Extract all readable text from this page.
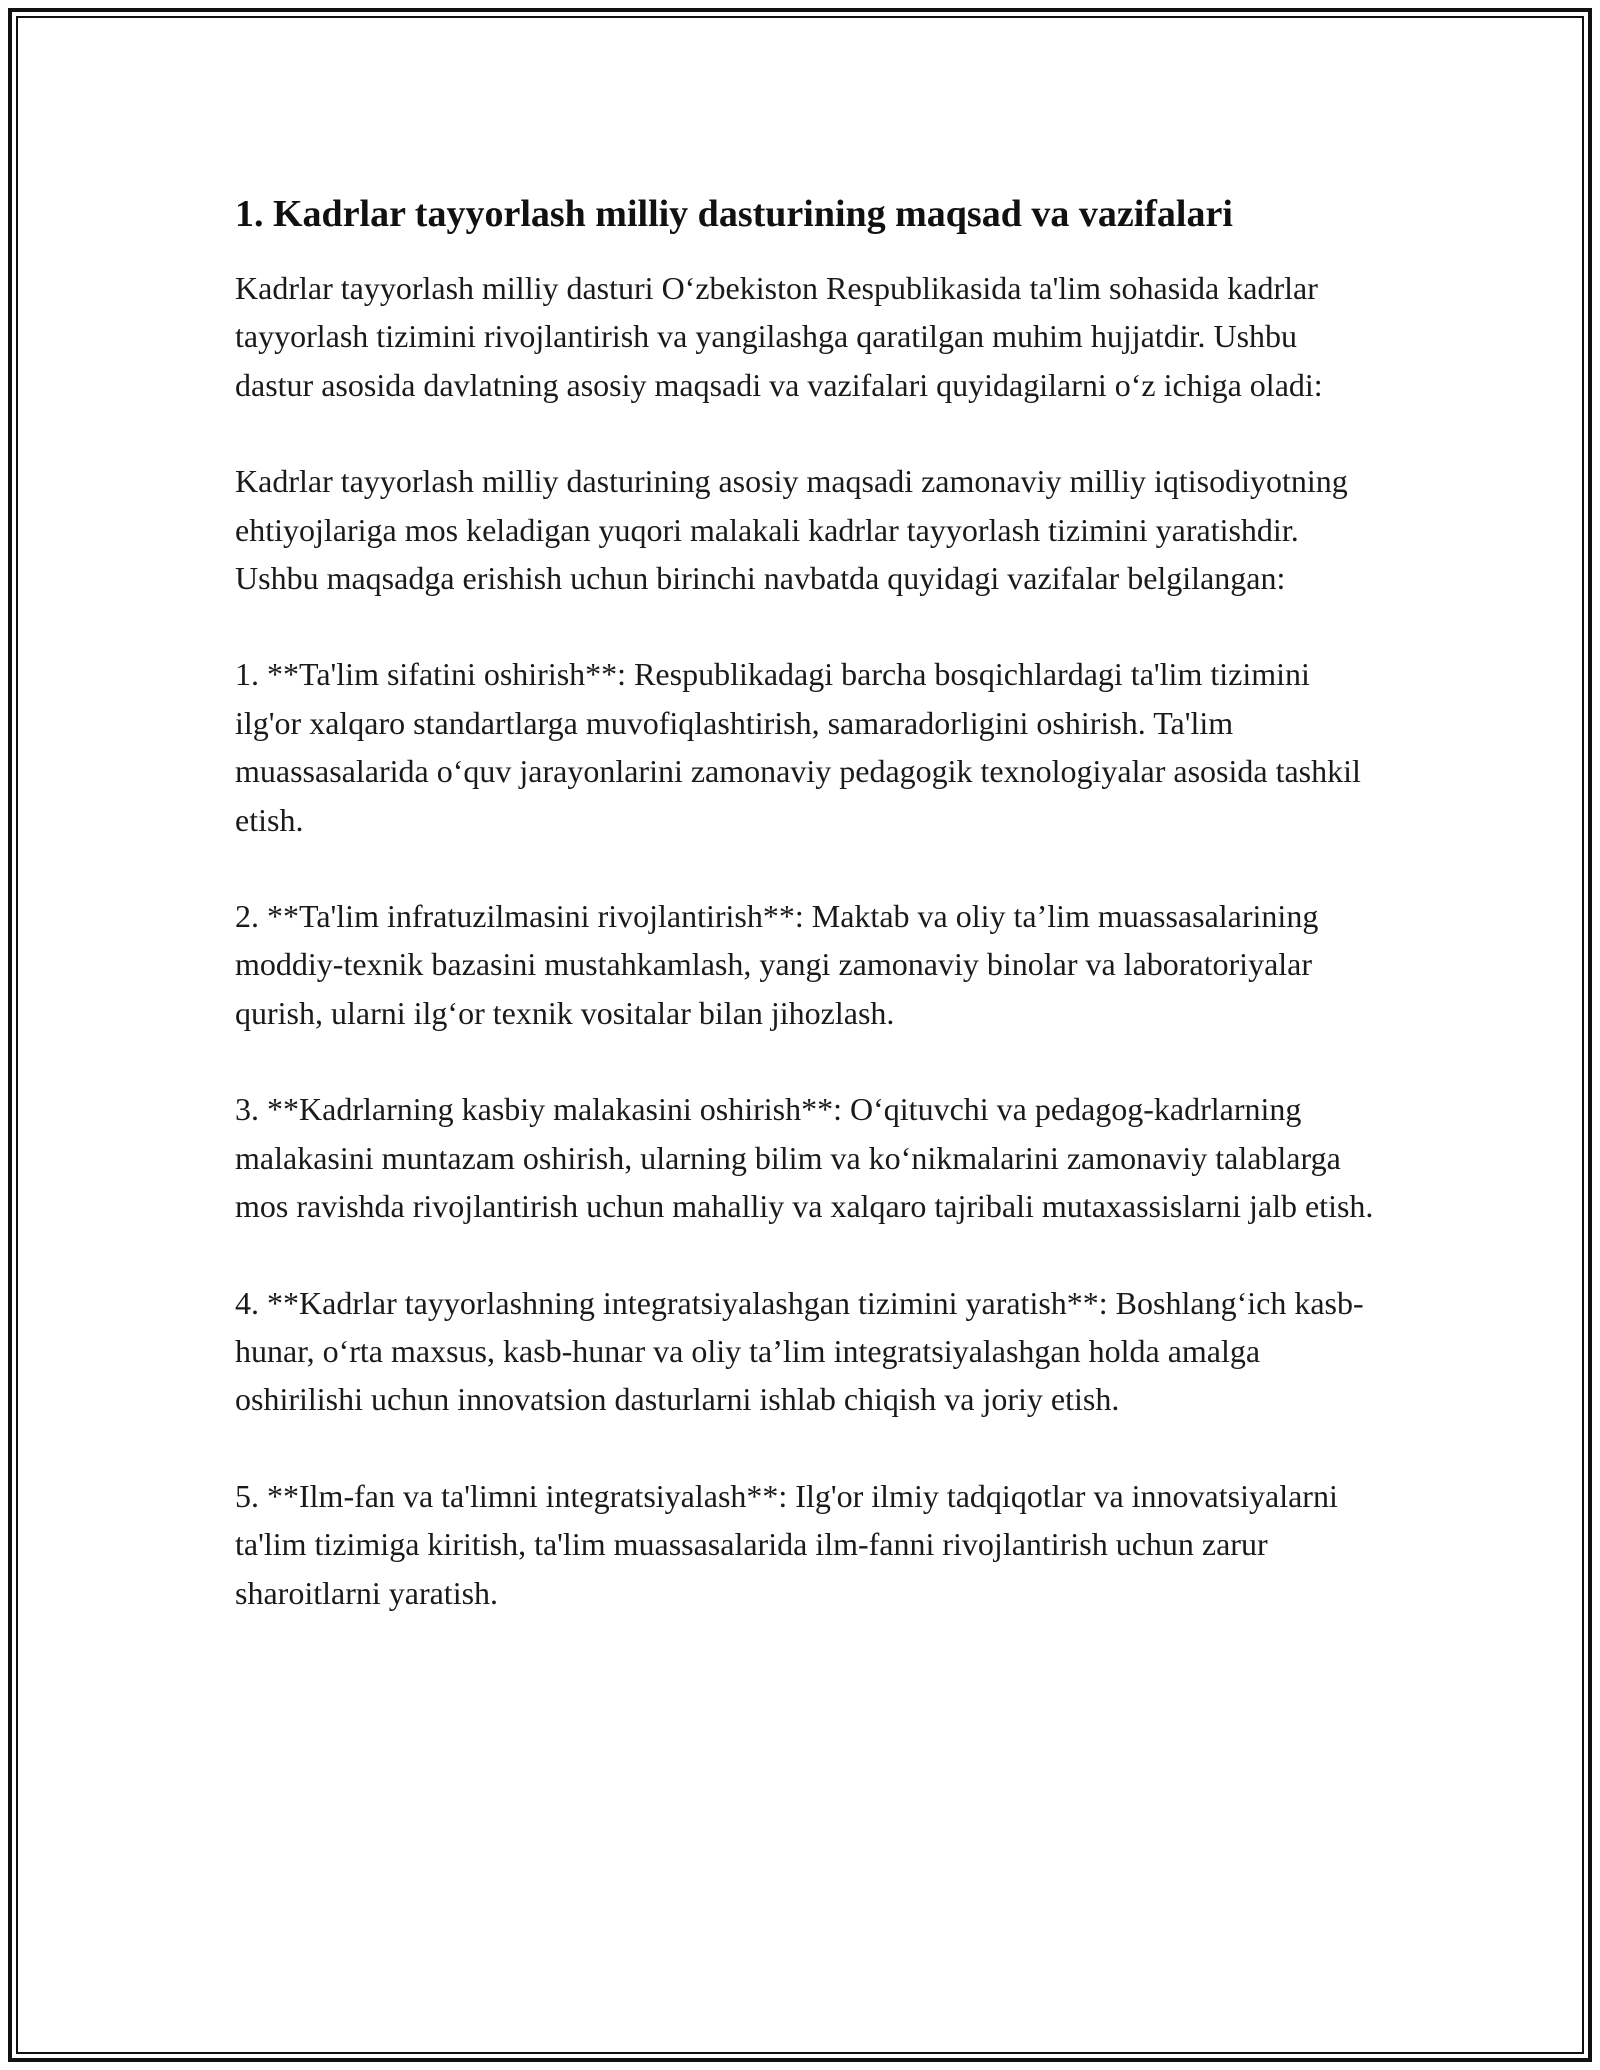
1. Kadrlar tayyorlash milliy dasturining maqsad va vazifalari

Kadrlar tayyorlash milliy dasturi O‘zbekiston Respublikasida ta'lim sohasida kadrlar tayyorlash tizimini rivojlantirish va yangilashga qaratilgan muhim hujjatdir. Ushbu dastur asosida davlatning asosiy maqsadi va vazifalari quyidagilarni o‘z ichiga oladi:

Kadrlar tayyorlash milliy dasturining asosiy maqsadi zamonaviy milliy iqtisodiyotning ehtiyojlariga mos keladigan yuqori malakali kadrlar tayyorlash tizimini yaratishdir. Ushbu maqsadga erishish uchun birinchi navbatda quyidagi vazifalar belgilangan:

1. **Ta'lim sifatini oshirish**: Respublikadagi barcha bosqichlardagi ta'lim tizimini ilg'or xalqaro standartlarga muvofiqlashtirish, samaradorligini oshirish. Ta'lim muassasalarida o‘quv jarayonlarini zamonaviy pedagogik texnologiyalar asosida tashkil etish.

2. **Ta'lim infratuzilmasini rivojlantirish**: Maktab va oliy ta’lim muassasalarining moddiy-texnik bazasini mustahkamlash, yangi zamonaviy binolar va laboratoriyalar qurish, ularni ilg‘or texnik vositalar bilan jihozlash.

3. **Kadrlarning kasbiy malakasini oshirish**: O‘qituvchi va pedagog-kadrlarning malakasini muntazam oshirish, ularning bilim va ko‘nikmalarini zamonaviy talablarga mos ravishda rivojlantirish uchun mahalliy va xalqaro tajribali mutaxassislarni jalb etish.

4. **Kadrlar tayyorlashning integratsiyalashgan tizimini yaratish**: Boshlang‘ich kasb-hunar, o‘rta maxsus, kasb-hunar va oliy ta’lim integratsiyalashgan holda amalga oshirilishi uchun innovatsion dasturlarni ishlab chiqish va joriy etish.

5. **Ilm-fan va ta'limni integratsiyalash**: Ilg'or ilmiy tadqiqotlar va innovatsiyalarni ta'lim tizimiga kiritish, ta'lim muassasalarida ilm-fanni rivojlantirish uchun zarur sharoitlarni yaratish.
